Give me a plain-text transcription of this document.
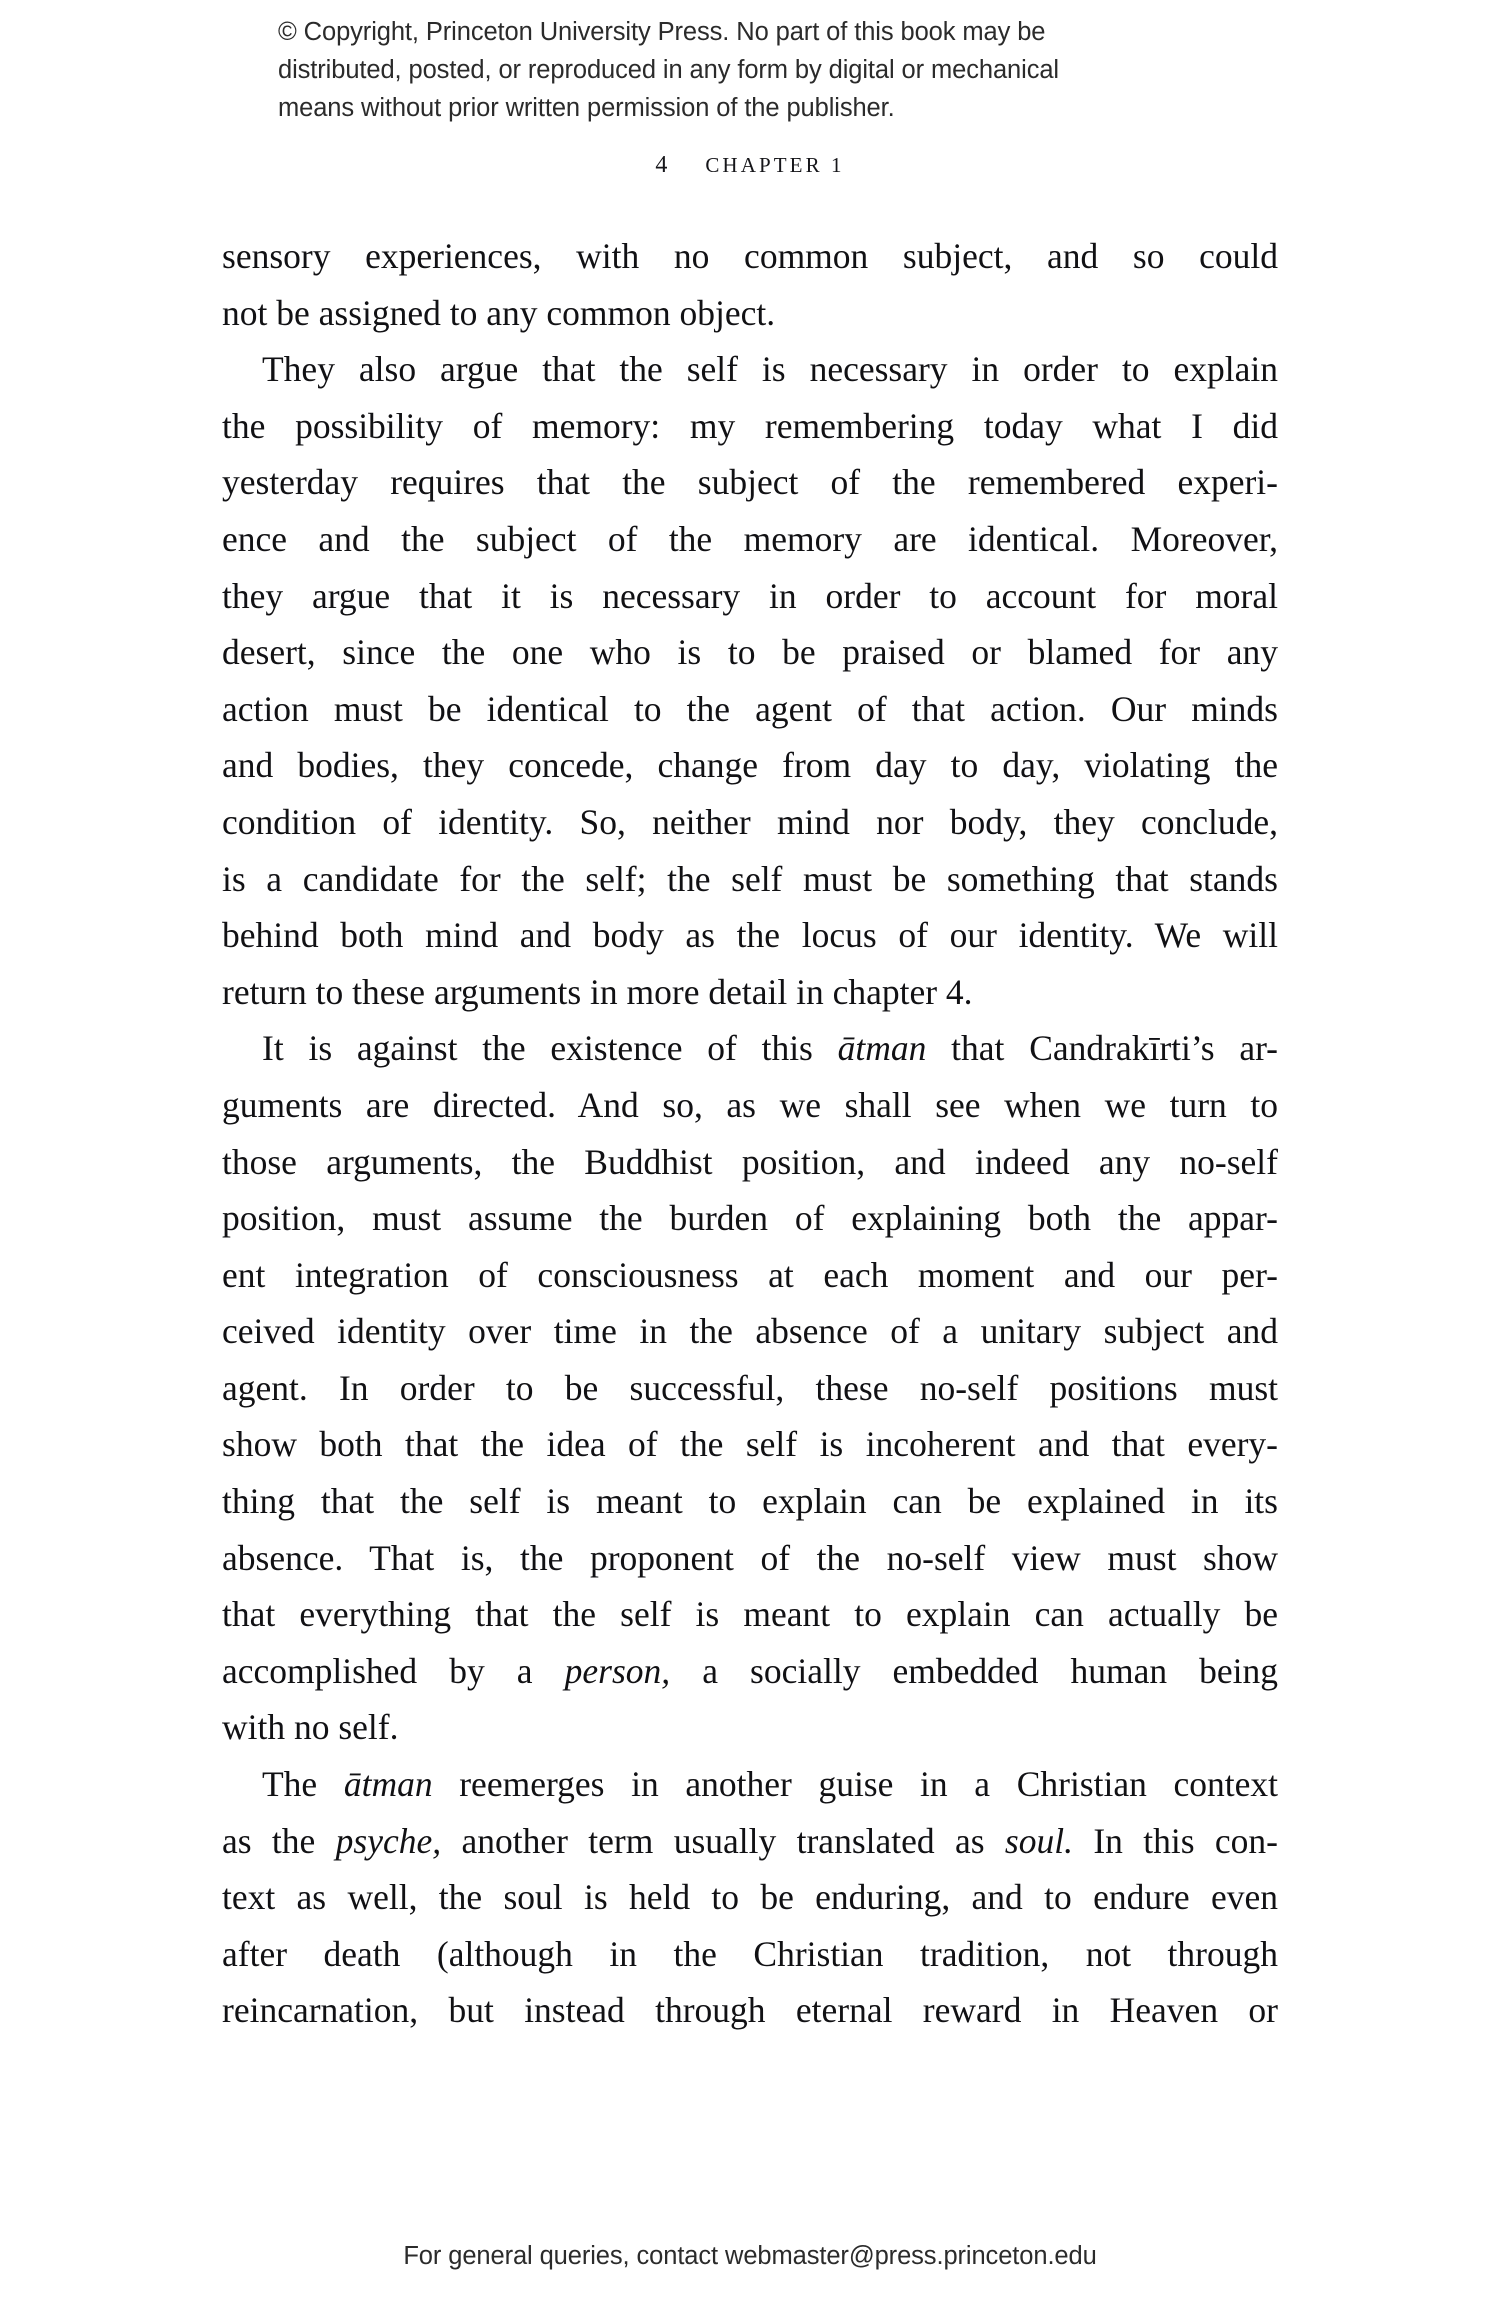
© Copyright, Princeton University Press. No part of this book may be
distributed, posted, or reproduced in any form by digital or mechanical
means without prior written permission of the publisher.
4 CHAPTER 1

sensory experiences, with no common subject, and so could
not be assigned to any common object.

They also argue that the self is necessary in order to explain
the possibility of memory: my remembering today what I did
yesterday requires that the subject of the remembered experi-
ence and the subject of the memory are identical. Moreover,
they argue that it is necessary in order to account for moral
desert, since the one who is to be praised or blamed for any
action must be identical to the agent of that action. Our minds
and bodies, they concede, change from day to day, violating the
condition of identity. So, neither mind nor body, they conclude,
is a candidate for the self; the self must be something that stands
behind both mind and body as the locus of our identity. We will
return to these arguments in more detail in chapter 4.

It is against the existence of this ātman that Candrakīrti’s ar-
guments are directed. And so, as we shall see when we turn to
those arguments, the Buddhist position, and indeed any no-self
position, must assume the burden of explaining both the appar-
ent integration of consciousness at each moment and our per-
ceived identity over time in the absence of a unitary subject and
agent. In order to be successful, these no-self positions must
show both that the idea of the self is incoherent and that every-
thing that the self is meant to explain can be explained in its
absence. That is, the proponent of the no-self view must show
that everything that the self is meant to explain can actually be
accomplished by a person, a socially embedded human being
with no self.

The ātman reemerges in another guise in a Christian context
as the psyche, another term usually translated as soul. In this con-
text as well, the soul is held to be enduring, and to endure even
after death (although in the Christian tradition, not through
reincarnation, but instead through eternal reward in Heaven or

For general queries, contact webmaster@press.princeton.edu
